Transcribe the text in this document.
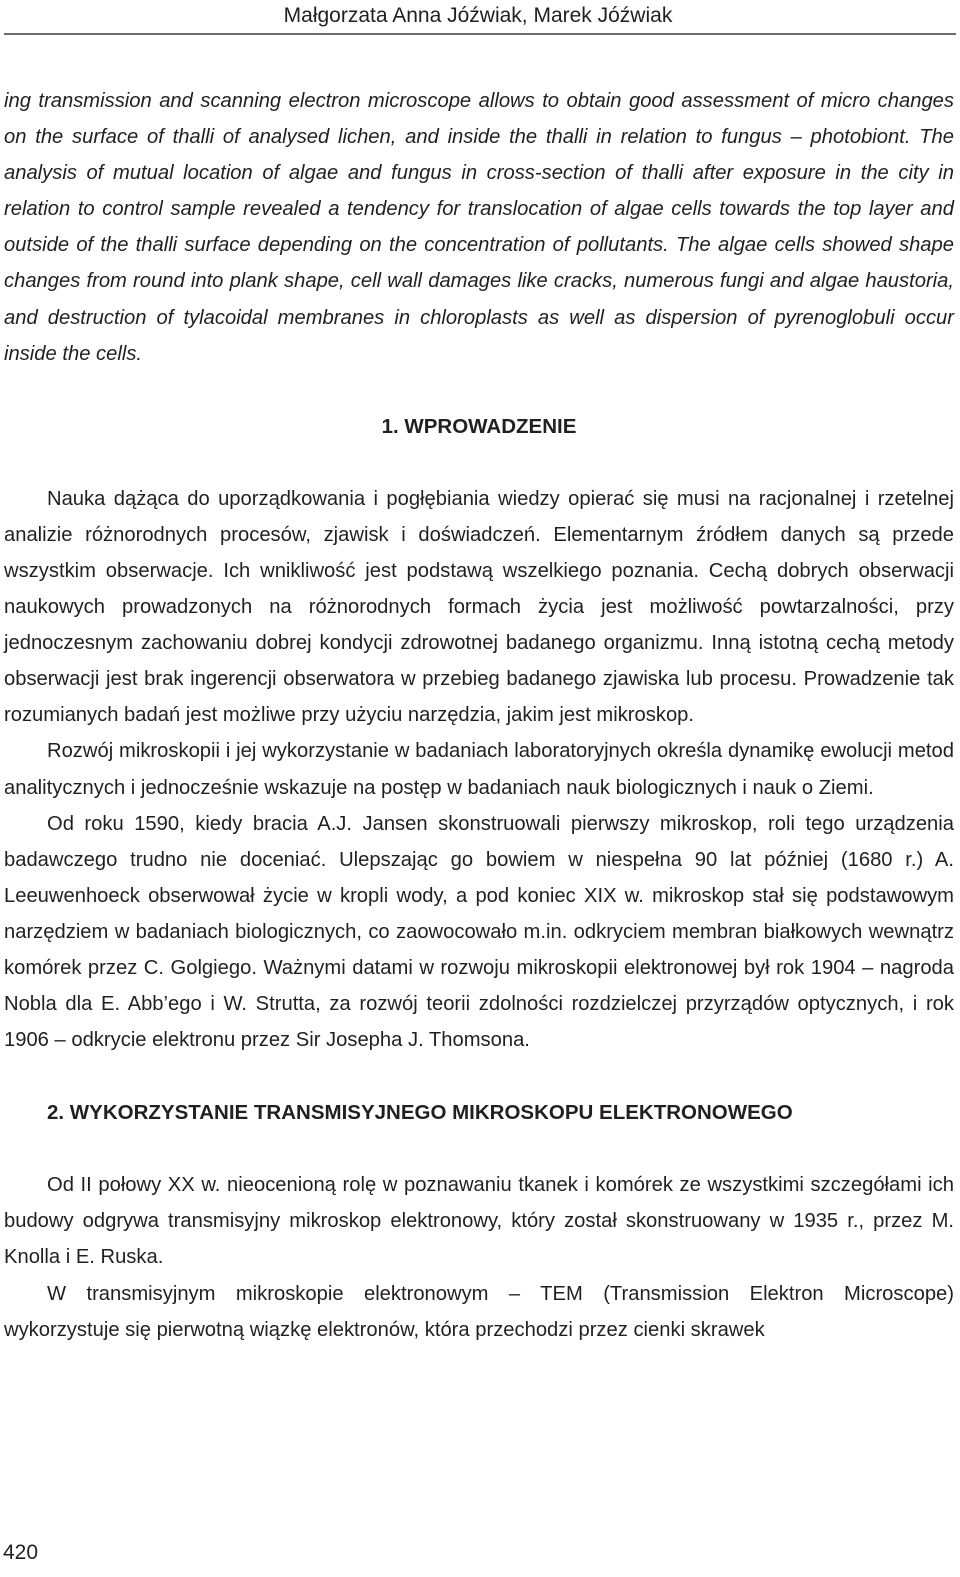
Małgorzata Anna Jóźwiak, Marek Jóźwiak

ing transmission and scanning electron microscope allows to obtain good assessment of micro changes on the surface of thalli of analysed lichen, and inside the thalli in relation to fungus – photobiont. The analysis of mutual location of algae and fungus in cross-section of thalli after exposure in the city in relation to control sample revealed a tendency for translocation of algae cells towards the top layer and outside of the thalli surface depending on the concentration of pollutants. The algae cells showed shape changes from round into plank shape, cell wall damages like cracks, numerous fungi and algae haustoria, and destruction of tylacoidal membranes in chloroplasts as well as dispersion of pyrenoglobuli occur inside the cells.

1. WPROWADZENIE

Nauka dążąca do uporządkowania i pogłębiania wiedzy opierać się musi na racjonalnej i rzetelnej analizie różnorodnych procesów, zjawisk i doświadczeń. Elementarnym źródłem danych są przede wszystkim obserwacje. Ich wnikliwość jest podstawą wszelkiego poznania. Cechą dobrych obserwacji naukowych prowadzonych na różnorodnych formach życia jest możliwość powtarzalności, przy jednoczesnym zachowaniu dobrej kondycji zdrowotnej badanego organizmu. Inną istotną cechą metody obserwacji jest brak ingerencji obserwatora w przebieg badanego zjawiska lub procesu. Prowadzenie tak rozumianych badań jest możliwe przy użyciu narzędzia, jakim jest mikroskop.

Rozwój mikroskopii i jej wykorzystanie w badaniach laboratoryjnych określa dynamikę ewolucji metod analitycznych i jednocześnie wskazuje na postęp w badaniach nauk biologicznych i nauk o Ziemi.

Od roku 1590, kiedy bracia A.J. Jansen skonstruowali pierwszy mikroskop, roli tego urządzenia badawczego trudno nie doceniać. Ulepszając go bowiem w niespełna 90 lat później (1680 r.) A. Leeuwenhoeck obserwował życie w kropli wody, a pod koniec XIX w. mikroskop stał się podstawowym narzędziem w badaniach biologicznych, co zaowocowało m.in. odkryciem membran białkowych wewnątrz komórek przez C. Golgiego. Ważnymi datami w rozwoju mikroskopii elektronowej był rok 1904 – nagroda Nobla dla E. Abb’ego i W. Strutta, za rozwój teorii zdolności rozdzielczej przyrządów optycznych, i rok 1906 – odkrycie elektronu przez Sir Josepha J. Thomsona.

2. WYKORZYSTANIE TRANSMISYJNEGO MIKROSKOPU ELEKTRONOWEGO

Od II połowy XX w. nieocenioną rolę w poznawaniu tkanek i komórek ze wszystkimi szczegółami ich budowy odgrywa transmisyjny mikroskop elektronowy, który został skonstruowany w 1935 r., przez M. Knolla i E. Ruska.

W transmisyjnym mikroskopie elektronowym – TEM (Transmission Elektron Microscope) wykorzystuje się pierwotną wiązkę elektronów, która przechodzi przez cienki skrawek

420
